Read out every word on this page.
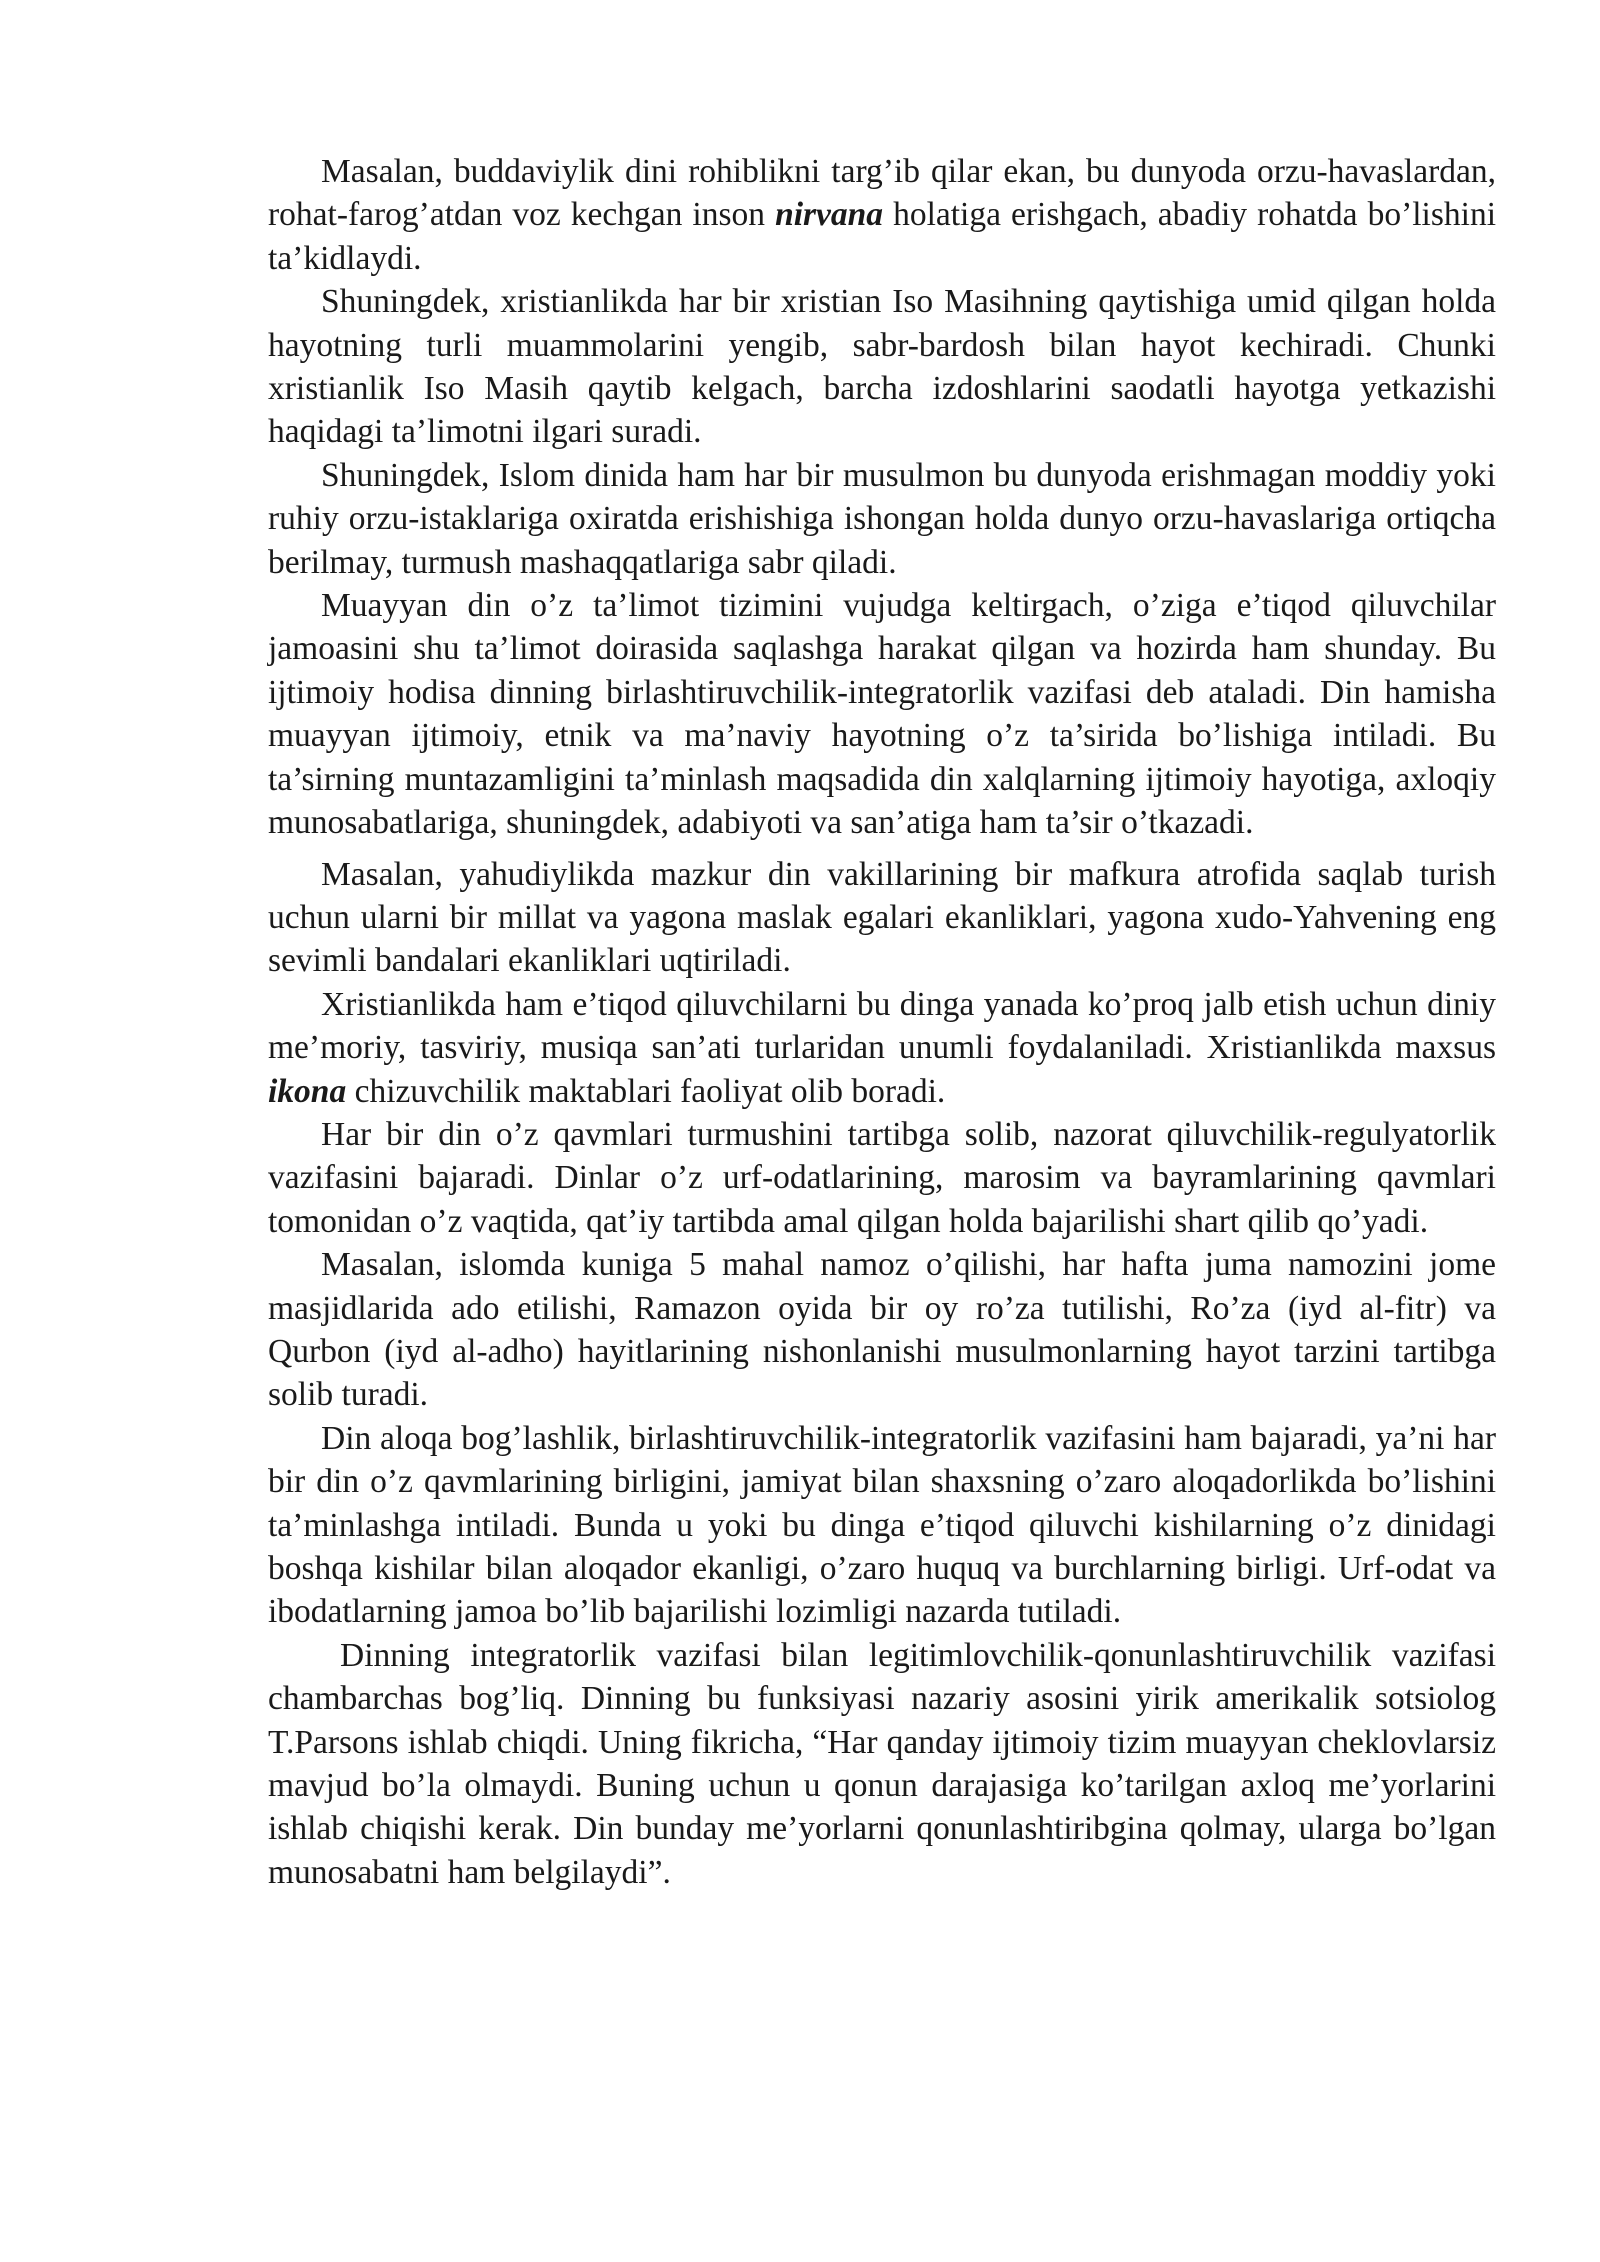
Masalan, buddaviylik dini rohiblikni targ’ib qilar ekan, bu dunyoda orzu-havaslardan, rohat-farog’atdan voz kechgan inson nirvana holatiga erishgach, abadiy rohatda bo’lishini ta’kidlaydi.

Shuningdek, xristianlikda har bir xristian Iso Masihning qaytishiga umid qilgan holda hayotning turli muammolarini yengib, sabr-bardosh bilan hayot kechiradi. Chunki xristianlik Iso Masih qaytib kelgach, barcha izdoshlarini saodatli hayotga yetkazishi haqidagi ta’limotni ilgari suradi.

Shuningdek, Islom dinida ham har bir musulmon bu dunyoda erishmagan moddiy yoki ruhiy orzu-istaklariga oxiratda erishishiga ishongan holda dunyo orzu-havaslariga ortiqcha berilmay, turmush mashaqqatlariga sabr qiladi.

Muayyan din o’z ta’limot tizimini vujudga keltirgach, o’ziga e’tiqod qiluvchilar jamoasini shu ta’limot doirasida saqlashga harakat qilgan va hozirda ham shunday. Bu ijtimoiy hodisa dinning birlashtiruvchilik-integratorlik vazifasi deb ataladi. Din hamisha muayyan ijtimoiy, etnik va ma’naviy hayotning o’z ta’sirida bo’lishiga intiladi. Bu ta’sirning muntazamligini ta’minlash maqsadida din xalqlarning ijtimoiy hayotiga, axloqiy munosabatlariga, shuningdek, adabiyoti va san’atiga ham ta’sir o’tkazadi.

Masalan, yahudiylikda mazkur din vakillarining bir mafkura atrofida saqlab turish uchun ularni bir millat va yagona maslak egalari ekanliklari, yagona xudo-Yahvening eng sevimli bandalari ekanliklari uqtiriladi.

Xristianlikda ham e’tiqod qiluvchilarni bu dinga yanada ko’proq jalb etish uchun diniy me’moriy, tasviriy, musiqa san’ati turlaridan unumli foydalaniladi. Xristianlikda maxsus ikona chizuvchilik maktablari faoliyat olib boradi.

Har bir din o’z qavmlari turmushini tartibga solib, nazorat qiluvchilik-regulyatorlik vazifasini bajaradi. Dinlar o’z urf-odatlarining, marosim va bayramlarining qavmlari tomonidan o’z vaqtida, qat’iy tartibda amal qilgan holda bajarilishi shart qilib qo’yadi.

Masalan, islomda kuniga 5 mahal namoz o’qilishi, har hafta juma namozini jome masjidlarida ado etilishi, Ramazon oyida bir oy ro’za tutilishi, Ro’za (iyd al-fitr) va Qurbon (iyd al-adho) hayitlarining nishonlanishi musulmonlarning hayot tarzini tartibga solib turadi.

Din aloqa bog’lashlik, birlashtiruvchilik-integratorlik vazifasini ham bajaradi, ya’ni har bir din o’z qavmlarining birligini, jamiyat bilan shaxsning o’zaro aloqadorlikda bo’lishini ta’minlashga intiladi. Bunda u yoki bu dinga e’tiqod qiluvchi kishilarning o’z dinidagi boshqa kishilar bilan aloqador ekanligi, o’zaro huquq va burchlarning birligi. Urf-odat va ibodatlarning jamoa bo’lib bajarilishi lozimligi nazarda tutiladi.

Dinning integratorlik vazifasi bilan legitimlovchilik-qonunlashtiruvchilik vazifasi chambarchas bog’liq. Dinning bu funksiyasi nazariy asosini yirik amerikalik sotsiolog T.Parsons ishlab chiqdi. Uning fikricha, “Har qanday ijtimoiy tizim muayyan cheklovlarsiz mavjud bo’la olmaydi. Buning uchun u qonun darajasiga ko’tarilgan axloq me’yorlarini ishlab chiqishi kerak. Din bunday me’yorlarni qonunlashtiribgina qolmay, ularga bo’lgan munosabatni ham belgilaydi”.
